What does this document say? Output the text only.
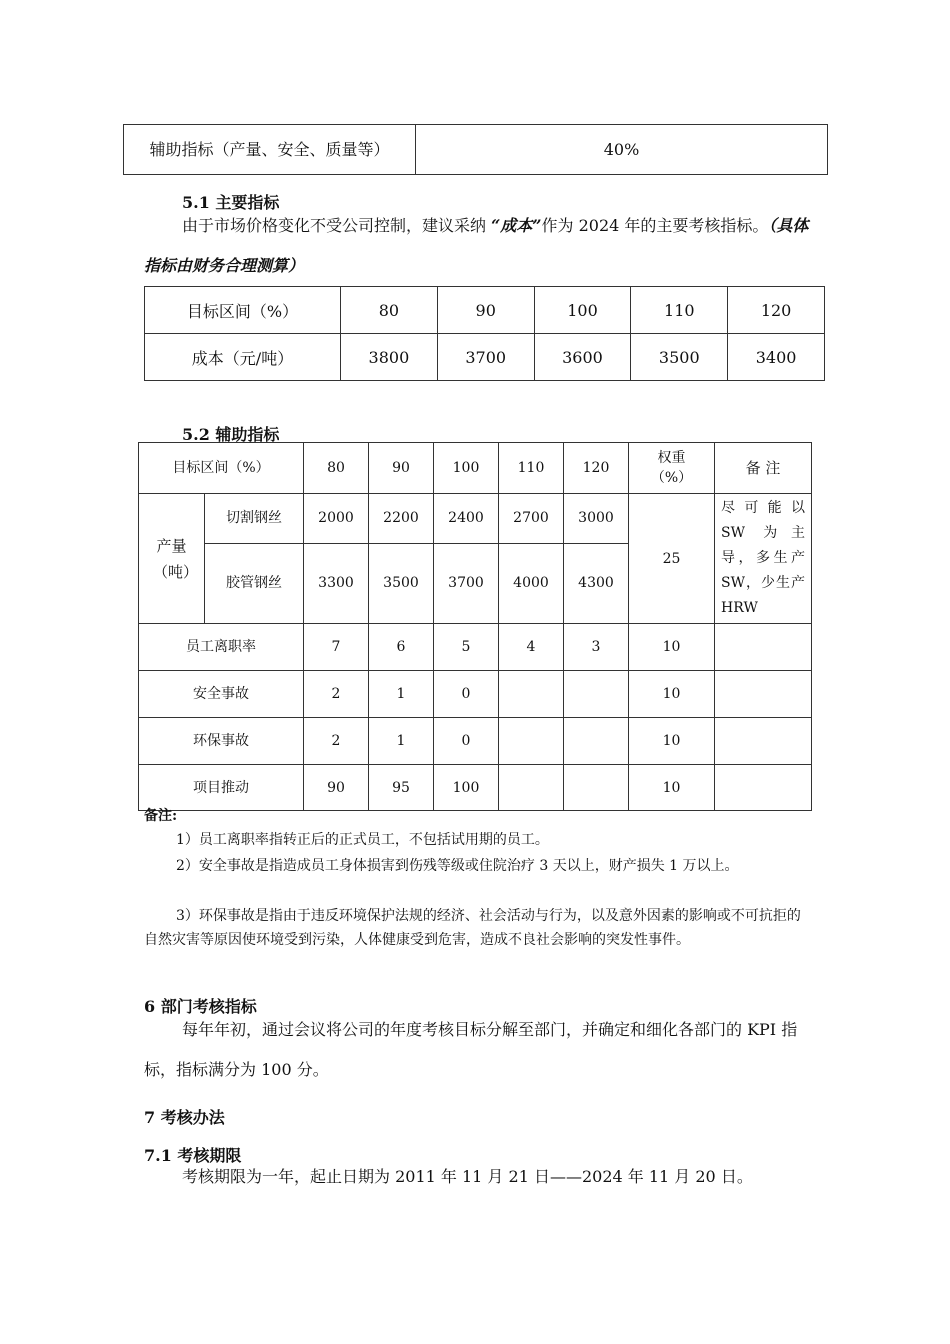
辅助指标（产量、安全、质量等）	40%
5.1 主要指标
由于市场价格变化不受公司控制，建议采纳 “成本”作为 2024 年的主要考核指标。（具体指标由财务合理测算）
目标区间（%）	80	90	100	110	120
成本（元/吨）	3800	3700	3600	3500	3400
5.2 辅助指标
目标区间（%）		80	90	100	110	120	权重（%）	备 注
产量（吨）	切割钢丝	2000	2200	2400	2700	3000	25	尽可能以 SW 为主导，多生产 SW，少生产HRW
	胶管钢丝	3300	3500	3700	4000	4300		
员工离职率		7	6	5	4	3	10	
安全事故		2	1	0			10	
环保事故		2	1	0			10	
项目推动		90	95	100			10	
备注:
1）员工离职率指转正后的正式员工，不包括试用期的员工。
2）安全事故是指造成员工身体损害到伤残等级或住院治疗 3 天以上，财产损失 1 万以上。
3）环保事故是指由于违反环境保护法规的经济、社会活动与行为，以及意外因素的影响或不可抗拒的自然灾害等原因使环境受到污染，人体健康受到危害，造成不良社会影响的突发性事件。
6 部门考核指标
每年年初，通过会议将公司的年度考核目标分解至部门，并确定和细化各部门的 KPI 指标，指标满分为 100 分。
7 考核办法
7.1 考核期限
考核期限为一年，起止日期为 2011 年 11 月 21 日——2024 年 11 月 20 日。
